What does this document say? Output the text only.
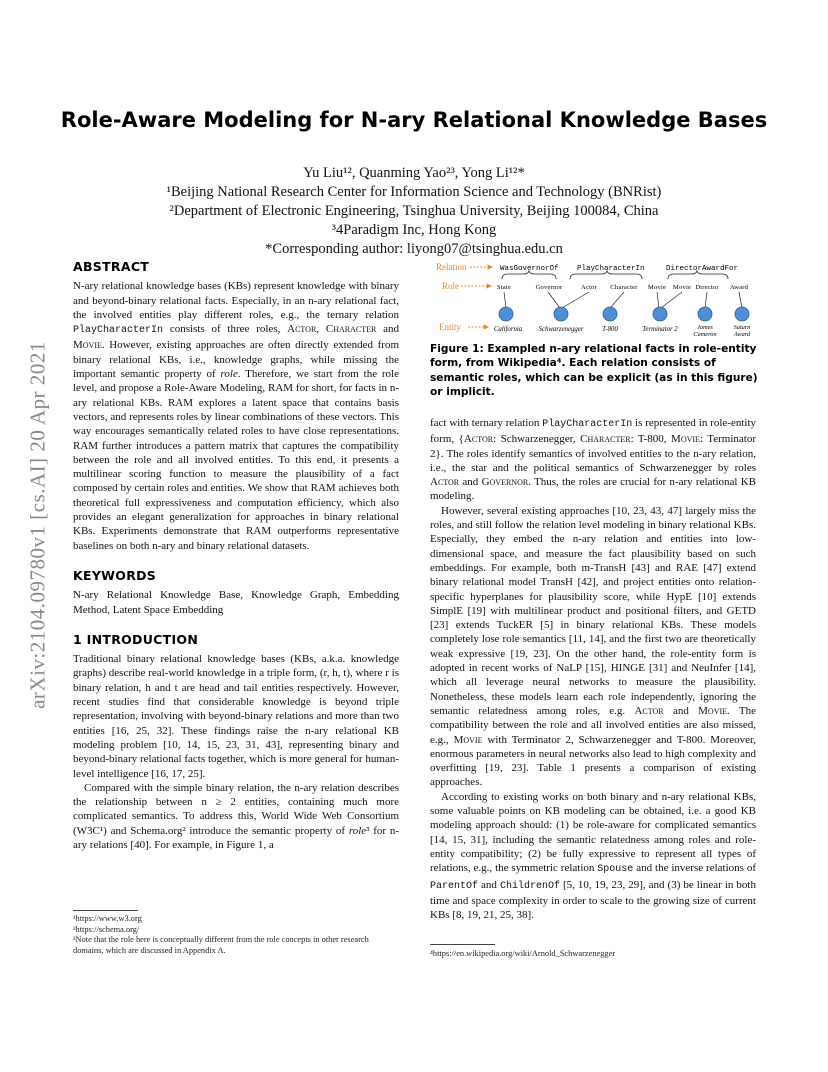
arXiv:2104.09780v1 [cs.AI] 20 Apr 2021
Role-Aware Modeling for N-ary Relational Knowledge Bases
Yu Liu¹², Quanming Yao²³, Yong Li¹²*
¹Beijing National Research Center for Information Science and Technology (BNRist)
²Department of Electronic Engineering, Tsinghua University, Beijing 100084, China
³4Paradigm Inc, Hong Kong
*Corresponding author: liyong07@tsinghua.edu.cn
ABSTRACT

N-ary relational knowledge bases (KBs) represent knowledge with binary and beyond-binary relational facts. Especially, in an n-ary relational fact, the involved entities play different roles, e.g., the ternary relation PlayCharacterIn consists of three roles, Actor, Character and Movie. However, existing approaches are often directly extended from binary relational KBs, i.e., knowledge graphs, while missing the important semantic property of role. Therefore, we start from the role level, and propose a Role-Aware Modeling, RAM for short, for facts in n-ary relational KBs. RAM explores a latent space that contains basis vectors, and represents roles by linear combinations of these vectors. This way encourages semantically related roles to have close representations. RAM further introduces a pattern matrix that captures the compatibility between the role and all involved entities. To this end, it presents a multilinear scoring function to measure the plausibility of a fact composed by certain roles and entities. We show that RAM achieves both theoretical full expressiveness and computation efficiency, which also provides an elegant generalization for approaches in binary relational KBs. Experiments demonstrate that RAM outperforms representative baselines on both n-ary and binary relational datasets.

KEYWORDS

N-ary Relational Knowledge Base, Knowledge Graph, Embedding Method, Latent Space Embedding

1 INTRODUCTION

Traditional binary relational knowledge bases (KBs, a.k.a. knowledge graphs) describe real-world knowledge in a triple form, (r, h, t), where r is binary relation, h and t are head and tail entities respectively. However, recent studies find that considerable knowledge is beyond triple representation, involving with beyond-binary relations and more than two entities [16, 25, 32]. These findings raise the n-ary relational KB modeling problem [10, 14, 15, 23, 31, 43], representing binary and beyond-binary relational facts together, which is more general for human-level intelligence [16, 17, 25].

Compared with the simple binary relation, the n-ary relation describes the relationship between n ≥ 2 entities, containing much more complicated semantics. To address this, World Wide Web Consortium (W3C¹) and Schema.org² introduce the semantic property of role³ for n-ary relations [40]. For example, in Figure 1, a

¹https://www.w3.org
²https://schema.org/
³Note that the role here is conceptually different from the role concepts in other research domains, which are discussed in Appendix A.
Relation
Role
Entity
WasGovernorOf PlayCharacterIn	DirectorAwardFor
State	Governor	Actor Character Movie Movie Director Award
California Schwarzenegger	T-800	Terminator 2	James Cameron
Saturn Award
Figure 1: Exampled n-ary relational facts in role-entity form, from Wikipedia⁴. Each relation consists of semantic roles, which can be explicit (as in this figure) or implicit.

fact with ternary relation PlayCharacterIn is represented in role-entity form, {Actor: Schwarzenegger, Character: T-800, Movie: Terminator 2}. The roles identify semantics of involved entities to the n-ary relation, i.e., the star and the political semantics of Schwarzenegger by roles Actor and Governor. Thus, the roles are crucial for n-ary relational KB modeling.

However, several existing approaches [10, 23, 43, 47] largely miss the roles, and still follow the relation level modeling in binary relational KBs. Especially, they embed the n-ary relation and entities into low-dimensional space, and measure the fact plausibility based on such embeddings. For example, both m-TransH [43] and RAE [47] extend binary relational model TransH [42], and project entities onto relation-specific hyperplanes for plausibility score, while HypE [10] extends SimplE [19] with multilinear product and positional filters, and GETD [23] extends TuckER [5] in binary relational KBs. These models completely lose role semantics [11, 14], and the first two are theoretically weak expressive [19, 23]. On the other hand, the role-entity form is adopted in recent works of NaLP [15], HINGE [31] and NeuInfer [14], which all leverage neural networks to measure the plausibility. Nonetheless, these models learn each role independently, ignoring the semantic relatedness among roles, e.g. Actor and Movie. The compatibility between the role and all involved entities are also missed, e.g., Movie with Terminator 2, Schwarzenegger and T-800. Moreover, enormous parameters in neural networks also lead to high complexity and overfitting [19, 23]. Table 1 presents a comparison of existing approaches.

According to existing works on both binary and n-ary relational KBs, some valuable points on KB modeling can be obtained, i.e. a good KB modeling approach should: (1) be role-aware for complicated semantics [14, 15, 31], including the semantic relatedness among roles and role-entity compatibility; (2) be fully expressive to represent all types of relations, e.g., the symmetric relation Spouse and the inverse relations of ParentOf and ChildrenOf [5, 10, 19, 23, 29], and (3) be linear in both time and space complexity in order to scale to the growing size of current KBs [8, 19, 21, 25, 38].

⁴https://en.wikipedia.org/wiki/Arnold_Schwarzenegger
